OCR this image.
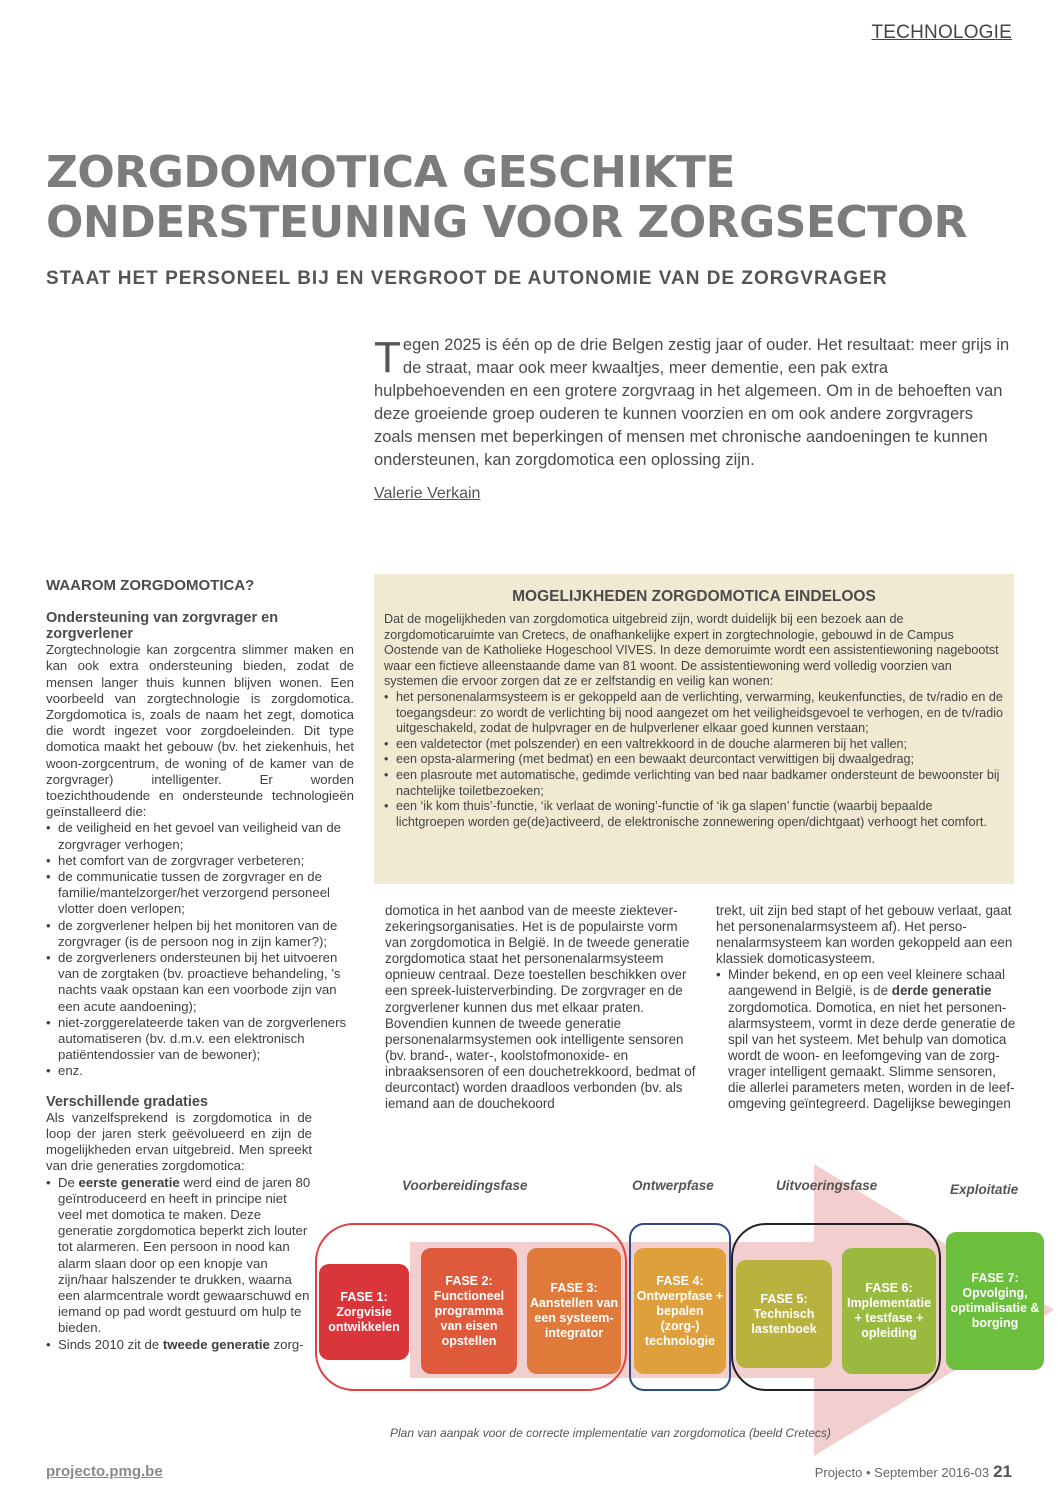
TECHNOLOGIE
ZORGDOMOTICA GESCHIKTE ONDERSTEUNING VOOR ZORGSECTOR
STAAT HET PERSONEEL BIJ EN VERGROOT DE AUTONOMIE VAN DE ZORGVRAGER

Tegen 2025 is één op de drie Belgen zestig jaar of ouder. Het resultaat: meer grijs in de straat, maar ook meer kwaaltjes, meer dementie, een pak extra hulpbehoevenden en een grotere zorgvraag in het algemeen. Om in de behoeften van deze groeiende groep ouderen te kunnen voorzien en om ook andere zorgvragers zoals mensen met beperkingen of mensen met chronische aandoeningen te kunnen ondersteunen, kan zorgdomotica een oplossing zijn.

Valerie Verkain
WAAROM ZORGDOMOTICA?
Ondersteuning van zorgvrager en zorgverlener

Zorgtechnologie kan zorgcentra slimmer maken en kan ook extra ondersteuning bieden, zodat de mensen langer thuis kunnen blijven wonen. Een voorbeeld van zorgtechnologie is zorgdomotica. Zorgdomotica is, zoals de naam het zegt, domotica die wordt ingezet voor zorgdoeleinden. Dit type domotica maakt het gebouw (bv. het ziekenhuis, het woon-zorgcentrum, de woning of de kamer van de zorgvrager) intelligenter. Er worden toezichthoudende en ondersteunde technologieën geïnstalleerd die:

• de veiligheid en het gevoel van veiligheid van de zorgvrager verhogen;
• het comfort van de zorgvrager verbeteren;
• de communicatie tussen de zorgvrager en de familie/mantelzorger/het verzorgend personeel vlotter doen verlopen;
• de zorgverlener helpen bij het monitoren van de zorgvrager (is de persoon nog in zijn kamer?);
• de zorgverleners ondersteunen bij het uitvoeren van de zorgtaken (bv. proactieve behandeling, ’s nachts vaak opstaan kan een voorbode zijn van een acute aandoening);
• niet-zorggerelateerde taken van de zorgverleners automatiseren (bv. d.m.v. een elektronisch patiëntendossier van de bewoner);
• enz.
Verschillende gradaties

Als vanzelfsprekend is zorgdomotica in de loop der jaren sterk geëvolueerd en zijn de mogelijkheden ervan uitgebreid. Men spreekt van drie generaties zorgdomotica:

• De eerste generatie werd eind de jaren 80 geïntroduceerd en heeft in principe niet veel met domotica te maken. Deze generatie zorgdomotica beperkt zich louter tot alarmeren. Een persoon in nood kan alarm slaan door op een knopje van zijn/haar halszender te drukken, waarna een alarmcentrale wordt gewaarschuwd en iemand op pad wordt gestuurd om hulp te bieden.
• Sinds 2010 zit de tweede generatie zorg-
MOGELIJKHEDEN ZORGDOMOTICA EINDELOOS

Dat de mogelijkheden van zorgdomotica uitgebreid zijn, wordt duidelijk bij een bezoek aan de zorgdomoticaruimte van Cretecs, de onafhankelijke expert in zorgtechnologie, gebouwd in de Campus Oostende van de Katholieke Hogeschool VIVES. In deze demoruimte wordt een assistentiewoning nagebootst waar een fictieve alleenstaande dame van 81 woont. De assistentiewoning werd volledig voorzien van systemen die ervoor zorgen dat ze er zelfstandig en veilig kan wonen:

• het personenalarmsysteem is er gekoppeld aan de verlichting, verwarming, keukenfuncties, de tv/radio en de toegangsdeur: zo wordt de verlichting bij nood aangezet om het veiligheidsgevoel te verhogen, en de tv/radio uitgeschakeld, zodat de hulpvrager en de hulpverlener elkaar goed kunnen verstaan;
• een valdetector (met polszender) en een valtrekkoord in de douche alarmeren bij het vallen;
• een opsta-alarmering (met bedmat) en een bewaakt deurcontact verwittigen bij dwaalgedrag;
• een plasroute met automatische, gedimde verlichting van bed naar badkamer ondersteunt de bewoonster bij nachtelijke toiletbezoeken;
• een ‘ik kom thuis’-functie, ‘ik verlaat de woning’-functie of ‘ik ga slapen’ functie (waarbij bepaalde lichtgroepen worden ge(de)activeerd, de elektronische zonnewering open/dichtgaat) verhoogt het comfort.

domotica in het aanbod van de meeste ziekteverzekeringsorganisaties. Het is de populairste vorm van zorgdomotica in België. In de tweede generatie zorgdomotica staat het personenalarmsysteem opnieuw centraal. Deze toestellen beschikken over een spreek-luisterverbinding. De zorgvrager en de zorgverlener kunnen dus met elkaar praten. Bovendien kunnen de tweede generatie personenalarmsystemen ook intelligente sensoren (bv. brand-, water-, koolstofmonoxide- en inbraaksensoren of een douchetrekkoord, bedmat of deurcontact) worden draadloos verbonden (bv. als iemand aan de douchekoord

trekt, uit zijn bed stapt of het gebouw verlaat, gaat het personenalarmsysteem af). Het personenalarmsysteem kan worden gekoppeld aan een klassiek domoticasysteem.

• Minder bekend, en op een veel kleinere schaal aangewend in België, is de derde generatie zorgdomotica. Domotica, en niet het personenalarmsysteem, vormt in deze derde generatie de spil van het systeem. Met behulp van domotica wordt de woon- en leefomgeving van de zorgvrager intelligent gemaakt. Slimme sensoren, die allerlei parameters meten, worden in de leefomgeving geïntegreerd. Dagelijkse bewegingen

Voorbereidingsfase	Ontwerpfase	Uitvoeringsfase	Exploitatie
FASE 1: Zorgvisie ontwikkelen
FASE 2: Functioneel programma van eisen opstellen
FASE 3: Aanstellen van een systeemintegrator
FASE 4: Ontwerpfase + bepalen (zorg-) technologie
FASE 5: Technisch lastenboek
FASE 6: Implementatie + testfase + opleiding
FASE 7: Opvolging, optimalisatie & borging
Plan van aanpak voor de correcte implementatie van zorgdomotica (beeld Cretecs)
projecto.pmg.be	Projecto • September 2016-03 21
